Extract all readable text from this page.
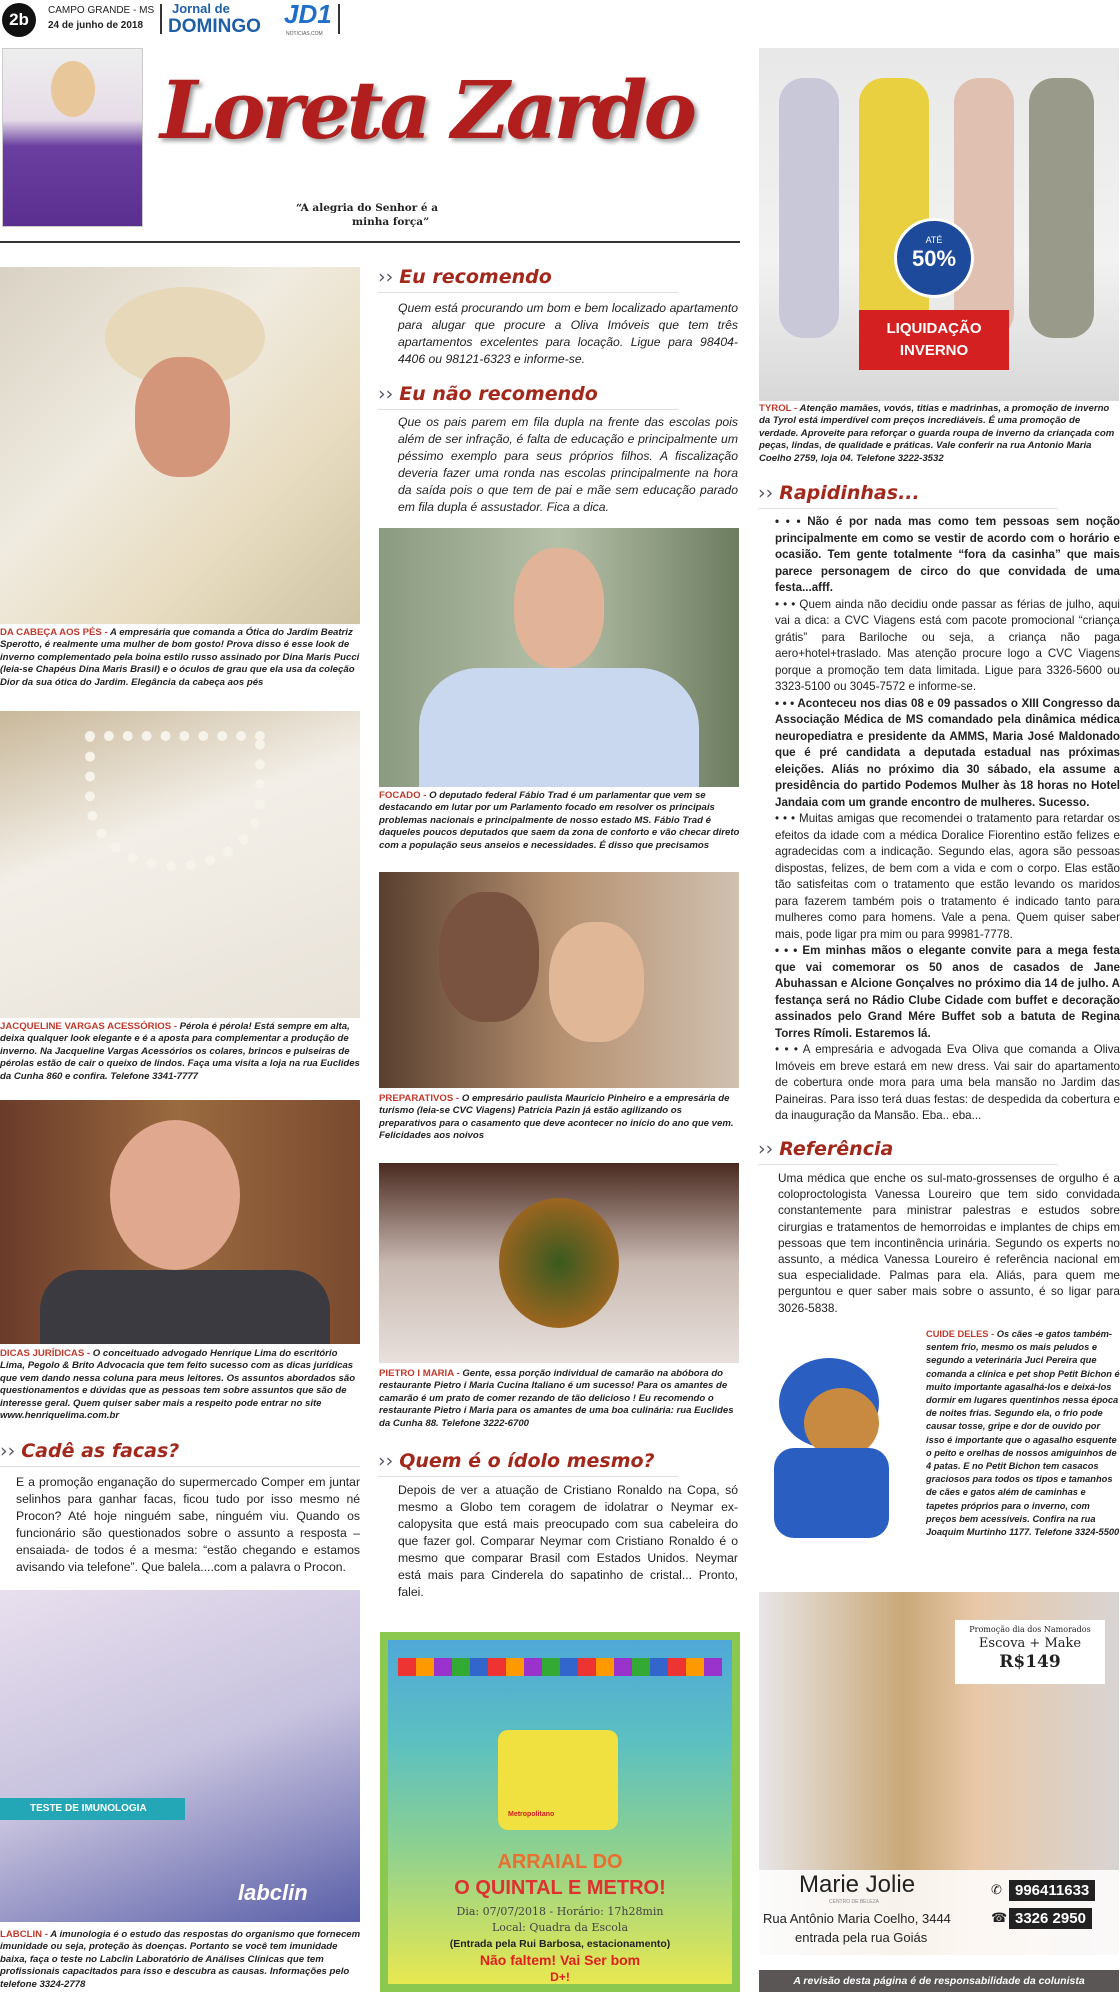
2b	CAMPO GRANDE - MS
24 de junho de 2018
Jornal de
DOMINGO JD1
NOTICIAS.COM
Loreta Zardo
“A alegria do Senhor é a
minha força”
DA CABEÇA AOS PÉS - A empresária que comanda a Ótica do Jardim Beatriz Sperotto, é realmente uma mulher de bom gosto! Prova disso é esse look de inverno complementado pela boina estilo russo assinado por Dina Maris Pucci (leia-se Chapéus Dina Maris Brasil) e o óculos de grau que ela usa da coleção Dior da sua ótica do Jardim. Elegância da cabeça aos pés
JACQUELINE VARGAS ACESSÓRIOS - Pérola é pérola! Está sempre em alta, deixa qualquer look elegante e é a aposta para complementar a produção de inverno. Na Jacqueline Vargas Acessórios os colares, brincos e pulseiras de pérolas estão de cair o queixo de lindos. Faça uma visita a loja na rua Euclides da Cunha 860 e confira. Telefone 3341-7777
DICAS JURÍDICAS - O conceituado advogado Henrique Lima do escritório Lima, Pegolo & Brito Advocacia que tem feito sucesso com as dicas jurídicas que vem dando nessa coluna para meus leitores. Os assuntos abordados são questionamentos e dúvidas que as pessoas tem sobre assuntos que são de interesse geral. Quem quiser saber mais a respeito pode entrar no site www.henriquelima.com.br
›› Cadê as facas?
E a promoção enganação do supermercado Comper em juntar selinhos para ganhar facas, ficou tudo por isso mesmo né Procon? Até hoje ninguém sabe, ninguém viu. Quando os funcionário são questionados sobre o assunto a resposta –ensaiada- de todos é a mesma: “estão chegando e estamos avisando via telefone”. Que balela....com a palavra o Procon.
TESTE DE IMUNOLOGIA
labclin
LABCLIN - A imunologia é o estudo das respostas do organismo que fornecem imunidade ou seja, proteção às doenças. Portanto se você tem imunidade baixa, faça o teste no Labclin Laboratório de Análises Clínicas que tem profissionais capacitados para isso e descubra as causas. Informações pelo telefone 3324-2778
›› Eu recomendo
Quem está procurando um bom e bem localizado apartamento para alugar que procure a Oliva Imóveis que tem três apartamentos excelentes para locação. Ligue para 98404-4406 ou 98121-6323 e informe-se.
›› Eu não recomendo
Que os pais parem em fila dupla na frente das escolas pois além de ser infração, é falta de educação e principalmente um péssimo exemplo para seus próprios filhos. A fiscalização deveria fazer uma ronda nas escolas principalmente na hora da saída pois o que tem de pai e mãe sem educação parado em fila dupla é assustador. Fica a dica.
FOCADO - O deputado federal Fábio Trad é um parlamentar que vem se destacando em lutar por um Parlamento focado em resolver os principais problemas nacionais e principalmente de nosso estado MS. Fábio Trad é daqueles poucos deputados que saem da zona de conforto e vão checar direto com a população seus anseios e necessidades. É disso que precisamos
PREPARATIVOS - O empresário paulista Maurício Pinheiro e a empresária de turismo (leia-se CVC Viagens) Patrícia Pazin já estão agilizando os preparativos para o casamento que deve acontecer no início do ano que vem. Felicidades aos noivos
PIETRO I MARIA - Gente, essa porção individual de camarão na abóbora do restaurante Pietro i Maria Cucina Italiano é um sucesso! Para os amantes de camarão é um prato de comer rezando de tão delicioso ! Eu recomendo o restaurante Pietro i Maria para os amantes de uma boa culinária: rua Euclides da Cunha 88. Telefone 3222-6700
›› Quem é o ídolo mesmo?
Depois de ver a atuação de Cristiano Ronaldo na Copa, só mesmo a Globo tem coragem de idolatrar o Neymar ex-calopysita que está mais preocupado com sua cabeleira do que fazer gol. Comparar Neymar com Cristiano Ronaldo é o mesmo que comparar Brasil com Estados Unidos. Neymar está mais para Cinderela do sapatinho de cristal... Pronto, falei.
Metropolitano
ARRAIAL DO
O QUINTAL E METRO!
Dia: 07/07/2018 - Horário: 17h28min
Local: Quadra da Escola
(Entrada pela Rui Barbosa, estacionamento)
Não faltem! Vai Ser bom
D+!
ATÉ
50%
LIQUIDAÇÃO
INVERNO
TYROL - Atenção mamães, vovós, titias e madrinhas, a promoção de inverno da Tyrol está imperdível com preços incrediáveis. É uma promoção de verdade. Aproveite para reforçar o guarda roupa de inverno da criançada com peças, lindas, de qualidade e práticas. Vale conferir na rua Antonio Maria Coelho 2759, loja 04. Telefone 3222-3532
›› Rapidinhas...

• • • Não é por nada mas como tem pessoas sem noção principalmente em como se vestir de acordo com o horário e ocasião. Tem gente totalmente “fora da casinha” que mais parece personagem de circo do que convidada de uma festa...afff.

• • • Quem ainda não decidiu onde passar as férias de julho, aqui vai a dica: a CVC Viagens está com pacote promocional “criança grátis” para Bariloche ou seja, a criança não paga aero+hotel+traslado. Mas atenção procure logo a CVC Viagens porque a promoção tem data limitada. Ligue para 3326-5600 ou 3323-5100 ou 3045-7572 e informe-se.

• • • Aconteceu nos dias 08 e 09 passados o XIII Congresso da Associação Médica de MS comandado pela dinâmica médica neuropediatra e presidente da AMMS, Maria José Maldonado que é pré candidata a deputada estadual nas próximas eleições. Aliás no próximo dia 30 sábado, ela assume a presidência do partido Podemos Mulher às 18 horas no Hotel Jandaia com um grande encontro de mulheres. Sucesso.

• • • Muitas amigas que recomendei o tratamento para retardar os efeitos da idade com a médica Doralice Fiorentino estão felizes e agradecidas com a indicação. Segundo elas, agora são pessoas dispostas, felizes, de bem com a vida e com o corpo. Elas estão tão satisfeitas com o tratamento que estão levando os maridos para fazerem também pois o tratamento é indicado tanto para mulheres como para homens. Vale a pena. Quem quiser saber mais, pode ligar pra mim ou para 99981-7778.

• • • Em minhas mãos o elegante convite para a mega festa que vai comemorar os 50 anos de casados de Jane Abuhassan e Alcione Gonçalves no próximo dia 14 de julho. A festança será no Rádio Clube Cidade com buffet e decoração assinados pelo Grand Mére Buffet sob a batuta de Regina Torres Rímoli. Estaremos lá.

• • • A empresária e advogada Eva Oliva que comanda a Oliva Imóveis em breve estará em new dress. Vai sair do apartamento de cobertura onde mora para uma bela mansão no Jardim das Paineiras. Para isso terá duas festas: de despedida da cobertura e da inauguração da Mansão. Eba.. eba...

›› Referência
Uma médica que enche os sul-mato-grossenses de orgulho é a coloproctologista Vanessa Loureiro que tem sido convidada constantemente para ministrar palestras e estudos sobre cirurgias e tratamentos de hemorroidas e implantes de chips em pessoas que tem incontinência urinária. Segundo os experts no assunto, a médica Vanessa Loureiro é referência nacional em sua especialidade. Palmas para ela. Aliás, para quem me perguntou e quer saber mais sobre o assunto, é so ligar para 3026-5838.
CUIDE DELES - Os cães -e gatos também- sentem frio, mesmo os mais peludos e segundo a veterinária Juci Pereira que comanda a clínica e pet shop Petit Bichon é muito importante agasalhá-los e deixá-los dormir em lugares quentinhos nessa época de noites frias. Segundo ela, o frio pode causar tosse, gripe e dor de ouvido por isso é importante que o agasalho esquente o peito e orelhas de nossos amiguinhos de 4 patas. E no Petit Bichon tem casacos graciosos para todos os tipos e tamanhos de cães e gatos além de caminhas e tapetes próprios para o inverno, com preços bem acessíveis. Confira na rua Joaquim Murtinho 1177. Telefone 3324-5500
Promoção dia dos Namorados
Escova + Make
R$149
Marie Jolie
CENTRO DE BELEZA
Rua Antônio Maria Coelho, 3444
entrada pela rua Goiás
✆ 996411633
☎ 3326 2950
A revisão desta página é de responsabilidade da colunista
